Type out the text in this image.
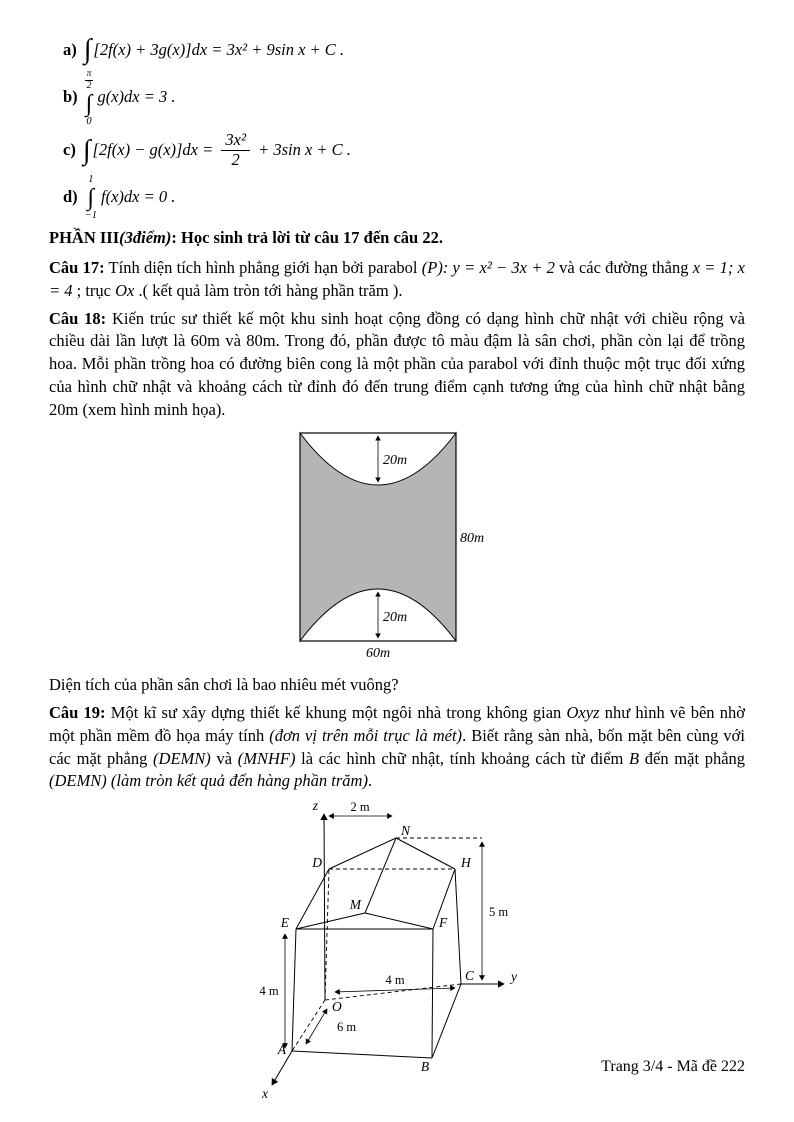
a) ∫ [2f(x) + 3g(x)]dx = 3x² + 9sin x + C .
b)
$\frac{\pi}{2}$
∫
0
g(x)dx = 3 .
c) ∫ $[2f(x) - g(x)]dx = \frac{\text{3x²}}{2} + 3\sin$ x + C .
d)
1
∫
−1
f(x)dx = 0 .

PHẦN III(3điểm): Học sinh trả lời từ câu 17 đến câu 22.

Câu 17: Tính diện tích hình phẳng giới hạn bởi parabol (P): y = x² − 3x + 2 và các đường thẳng x = 1; x = 4 ; trục Ox .( kết quả làm tròn tới hàng phần trăm ).

Câu 18: Kiến trúc sư thiết kế một khu sinh hoạt cộng đồng có dạng hình chữ nhật với chiều rộng và chiều dài lần lượt là 60m và 80m. Trong đó, phần được tô màu đậm là sân chơi, phần còn lại để trồng hoa. Mỗi phần trồng hoa có đường biên cong là một phần của parabol với đỉnh thuộc một trục đối xứng của hình chữ nhật và khoảng cách từ đỉnh đó đến trung điểm cạnh tương ứng của hình chữ nhật bằng 20m (xem hình minh họa).

20m
20m
80m
60m

Diện tích của phần sân chơi là bao nhiêu mét vuông?

Câu 19: Một kĩ sư xây dựng thiết kế khung một ngôi nhà trong không gian Oxyz như hình vẽ bên nhờ một phần mềm đồ họa máy tính (đơn vị trên mỗi trục là mét). Biết rằng sàn nhà, bốn mặt bên cùng với các mặt phẳng (DEMN) và (MNHF) là các hình chữ nhật, tính khoảng cách từ điểm B đến mặt phẳng (DEMN) (làm tròn kết quả đến hàng phần trăm).

z
N
D	H
M
E	F
C	y
O
A
B
x
2 m
5 m
4 m
4 m
6 m
Trang 3/4 - Mã đề 222
